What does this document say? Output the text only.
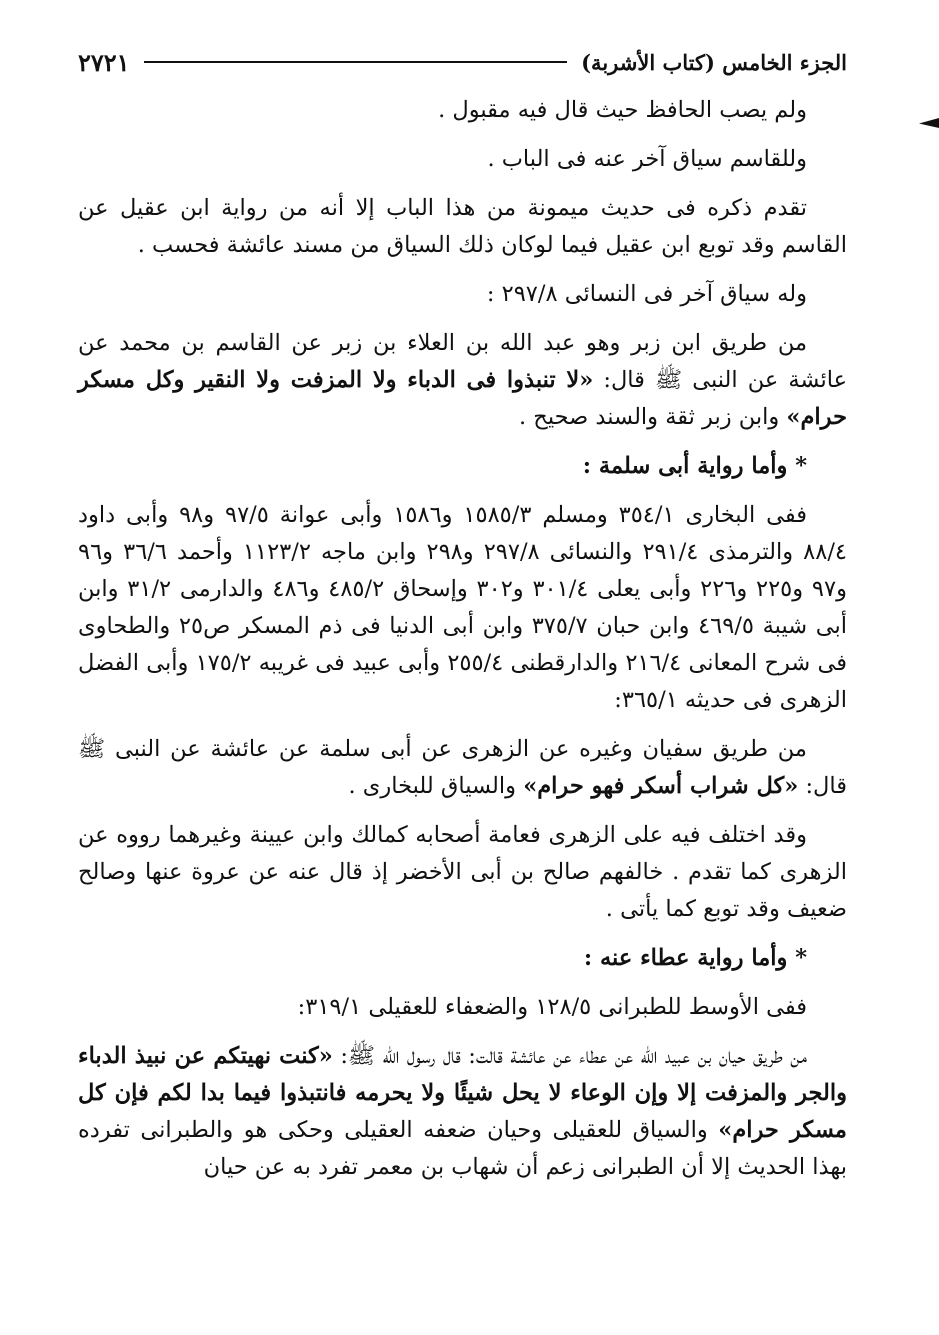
الجزء الخامس (كتاب الأشربة)
٢٧٢١

ولم يصب الحافظ حيث قال فيه مقبول .

وللقاسم سياق آخر عنه فى الباب .

تقدم ذكره فى حديث ميمونة من هذا الباب إلا أنه من رواية ابن عقيل عن القاسم وقد توبع ابن عقيل فيما لوكان ذلك السياق من مسند عائشة فحسب .

وله سياق آخر فى النسائى ٢٩٧/٨ :

من طريق ابن زبر وهو عبد الله بن العلاء بن زبر عن القاسم بن محمد عن عائشة عن النبى ﷺ قال: «لا تنبذوا فى الدباء ولا المزفت ولا النقير وكل مسكر حرام» وابن زبر ثقة والسند صحيح .

* وأما رواية أبى سلمة :

ففى البخارى ٣٥٤/١ ومسلم ١٥٨٥/٣ و١٥٨٦ وأبى عوانة ٩٧/٥ و٩٨ وأبى داود ٨٨/٤ والترمذى ٢٩١/٤ والنسائى ٢٩٧/٨ و٢٩٨ وابن ماجه ١١٢٣/٢ وأحمد ٣٦/٦ و٩٦ و٩٧ و٢٢٥ و٢٢٦ وأبى يعلى ٣٠١/٤ و٣٠٢ وإسحاق ٤٨٥/٢ و٤٨٦ والدارمى ٣١/٢ وابن أبى شيبة ٤٦٩/٥ وابن حبان ٣٧٥/٧ وابن أبى الدنيا فى ذم المسكر ص٢٥ والطحاوى فى شرح المعانى ٢١٦/٤ والدارقطنى ٢٥٥/٤ وأبى عبيد فى غريبه ١٧٥/٢ وأبى الفضل الزهرى فى حديثه ٣٦٥/١:

من طريق سفيان وغيره عن الزهرى عن أبى سلمة عن عائشة عن النبى ﷺ قال: «كل شراب أسكر فهو حرام» والسياق للبخارى .

وقد اختلف فيه على الزهرى فعامة أصحابه كمالك وابن عيينة وغيرهما رووه عن الزهرى كما تقدم . خالفهم صالح بن أبى الأخضر إذ قال عنه عن عروة عنها وصالح ضعيف وقد توبع كما يأتى .

* وأما رواية عطاء عنه :

ففى الأوسط للطبرانى ١٢٨/٥ والضعفاء للعقيلى ٣١٩/١:

من طريق حيان بن عبيد الله عن عطاء عن عائشة قالت: قال رسول الله ﷺ: «كنت نهيتكم عن نبيذ الدباء والجر والمزفت إلا وإن الوعاء لا يحل شيئًا ولا يحرمه فانتبذوا فيما بدا لكم فإن كل مسكر حرام» والسياق للعقيلى وحيان ضعفه العقيلى وحكى هو والطبرانى تفرده بهذا الحديث إلا أن الطبرانى زعم أن شهاب بن معمر تفرد به عن حيان
